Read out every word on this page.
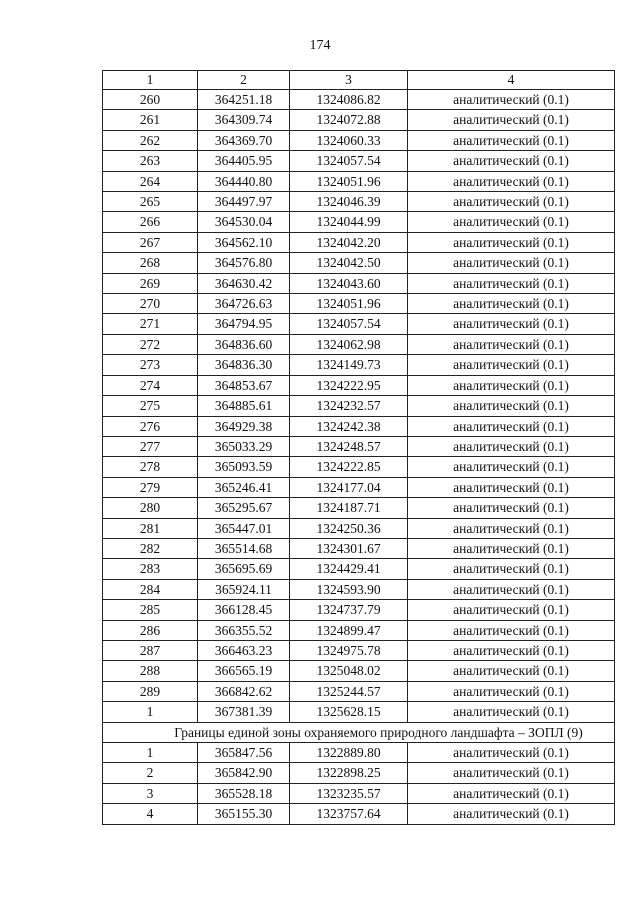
174
1	2	3	4
260	364251.18	1324086.82	аналитический (0.1)
261	364309.74	1324072.88	аналитический (0.1)
262	364369.70	1324060.33	аналитический (0.1)
263	364405.95	1324057.54	аналитический (0.1)
264	364440.80	1324051.96	аналитический (0.1)
265	364497.97	1324046.39	аналитический (0.1)
266	364530.04	1324044.99	аналитический (0.1)
267	364562.10	1324042.20	аналитический (0.1)
268	364576.80	1324042.50	аналитический (0.1)
269	364630.42	1324043.60	аналитический (0.1)
270	364726.63	1324051.96	аналитический (0.1)
271	364794.95	1324057.54	аналитический (0.1)
272	364836.60	1324062.98	аналитический (0.1)
273	364836.30	1324149.73	аналитический (0.1)
274	364853.67	1324222.95	аналитический (0.1)
275	364885.61	1324232.57	аналитический (0.1)
276	364929.38	1324242.38	аналитический (0.1)
277	365033.29	1324248.57	аналитический (0.1)
278	365093.59	1324222.85	аналитический (0.1)
279	365246.41	1324177.04	аналитический (0.1)
280	365295.67	1324187.71	аналитический (0.1)
281	365447.01	1324250.36	аналитический (0.1)
282	365514.68	1324301.67	аналитический (0.1)
283	365695.69	1324429.41	аналитический (0.1)
284	365924.11	1324593.90	аналитический (0.1)
285	366128.45	1324737.79	аналитический (0.1)
286	366355.52	1324899.47	аналитический (0.1)
287	366463.23	1324975.78	аналитический (0.1)
288	366565.19	1325048.02	аналитический (0.1)
289	366842.62	1325244.57	аналитический (0.1)
1	367381.39	1325628.15	аналитический (0.1)
Границы единой зоны охраняемого природного ландшафта – ЗОПЛ (9)			
1	365847.56	1322889.80	аналитический (0.1)
2	365842.90	1322898.25	аналитический (0.1)
3	365528.18	1323235.57	аналитический (0.1)
4	365155.30	1323757.64	аналитический (0.1)
